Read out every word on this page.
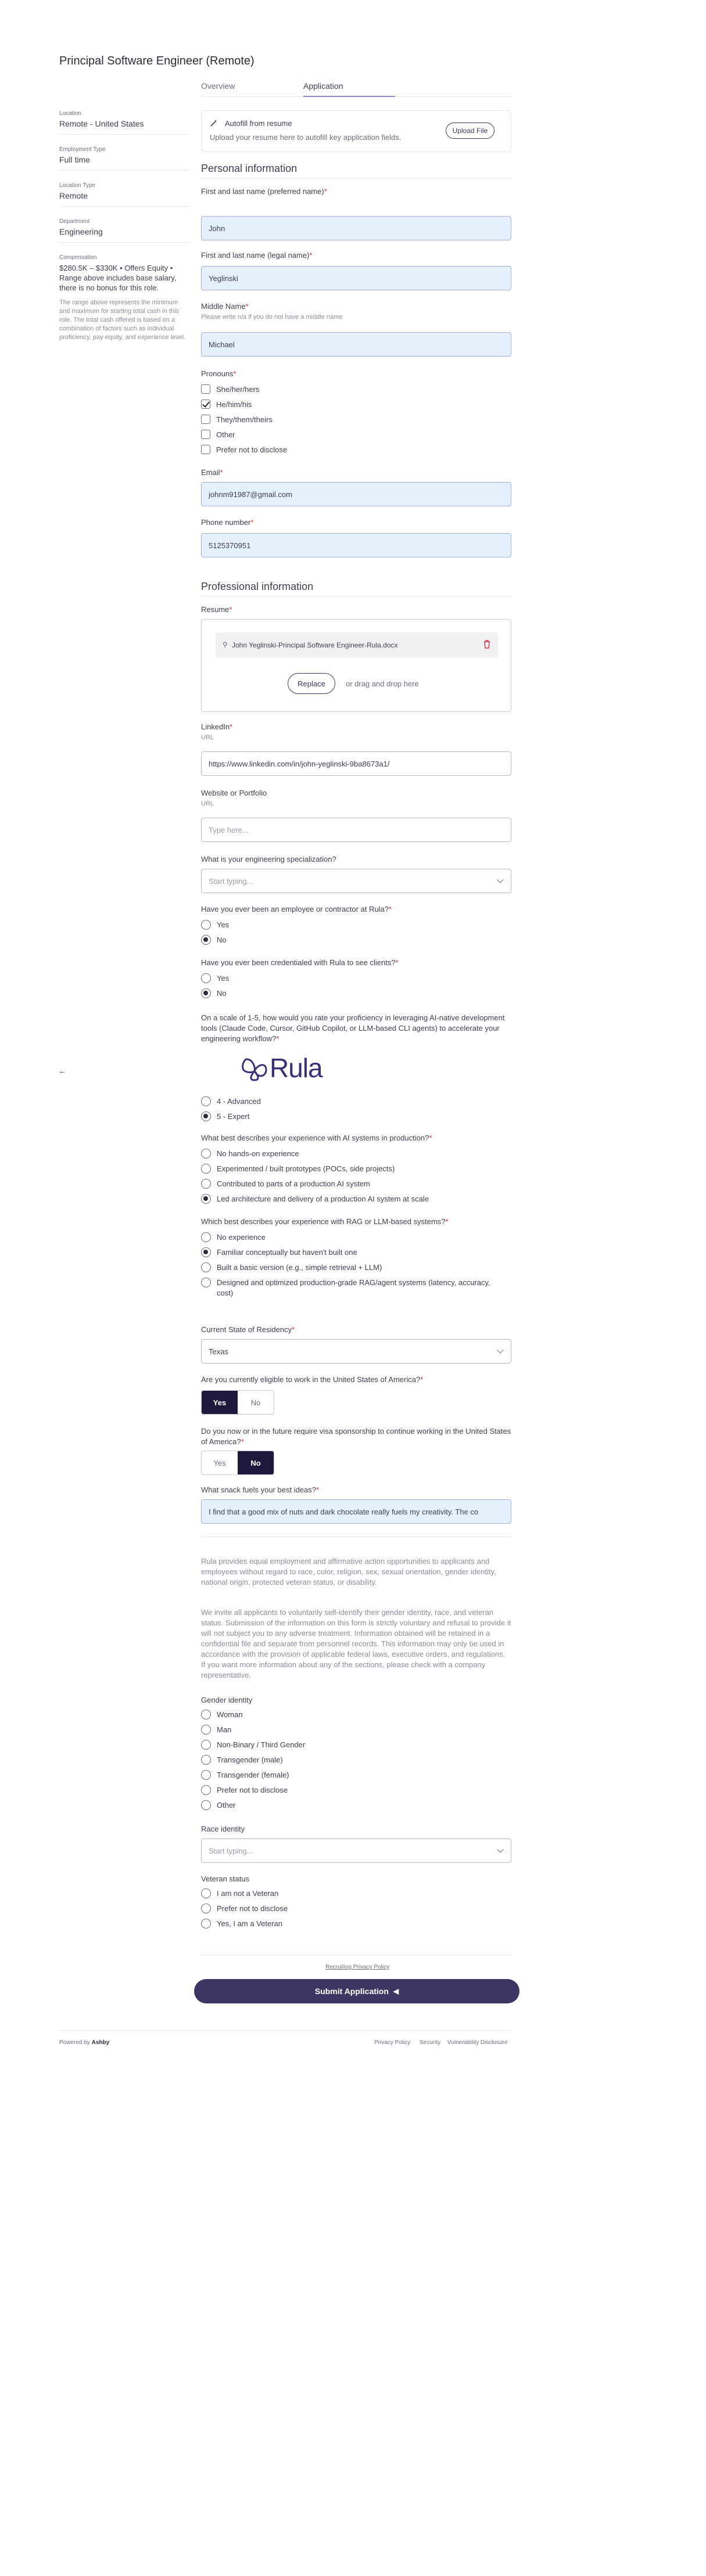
Principal Software Engineer (Remote)
Location
Remote - United States
Employment Type
Full time
Location Type
Remote
Department
Engineering
Compensation
$280.5K – $330K • Offers Equity • Range above includes base salary, there is no bonus for this role.
The range above represents the minimum and maximum for starting total cash in this role. The total cash offered is based on a combination of factors such as individual proficiency, pay equity, and experience level.
Overview	Application
Autofill from resume
Upload your resume here to autofill key application fields.
Upload File
Personal information
First and last name (preferred name)*
John
First and last name (legal name)*
Yeglinski
Middle Name*
Please write n/a if you do not have a middle name
Michael
Pronouns*
She/her/hers
He/him/his
They/them/theirs
Other
Prefer not to disclose
Email*
johnm91987@gmail.com
Phone number*
5125370951
Professional information
Resume*
⚲ John Yeglinski-Principal Software Engineer-Rula.docx
Replace	or drag and drop here
LinkedIn*
URL
https://www.linkedin.com/in/john-yeglinski-9ba8673a1/
Website or Portfolio
URL
Type here...
What is your engineering specialization?
Start typing...
Have you ever been an employee or contractor at Rula?*
Yes
No
Have you ever been credentialed with Rula to see clients?*
Yes
No
On a scale of 1-5, how would you rate your proficiency in leveraging AI-native development tools (Claude Code, Cursor, GitHub Copilot, or LLM-based CLI agents) to accelerate your engineering workflow?*
←	Rula
4 - Advanced
5 - Expert
What best describes your experience with AI systems in production?*
No hands-on experience
Experimented / built prototypes (POCs, side projects)
Contributed to parts of a production AI system
Led architecture and delivery of a production AI system at scale
Which best describes your experience with RAG or LLM-based systems?*
No experience
Familiar conceptually but haven't built one
Built a basic version (e.g., simple retrieval + LLM)
Designed and optimized production-grade RAG/agent systems (latency, accuracy, cost)
Current State of Residency*
Texas
Are you currently eligible to work in the United States of America?*
Yes	No
Do you now or in the future require visa sponsorship to continue working in the United States of America?*
Yes	No
What snack fuels your best ideas?*
I find that a good mix of nuts and dark chocolate really fuels my creativity. The co
Rula provides equal employment and affirmative action opportunities to applicants and employees without regard to race, color, religion, sex, sexual orientation, gender identity, national origin, protected veteran status, or disability.
We invite all applicants to voluntarily self-identify their gender identity, race, and veteran status. Submission of the information on this form is strictly voluntary and refusal to provide it will not subject you to any adverse treatment. Information obtained will be retained in a confidential file and separate from personnel records. This information may only be used in accordance with the provision of applicable federal laws, executive orders, and regulations. If you want more information about any of the sections, please check with a company representative.
Gender identity
Woman
Man
Non-Binary / Third Gender
Transgender (male)
Transgender (female)
Prefer not to disclose
Other
Race identity
Start typing...
Veteran status
I am not a Veteran
Prefer not to disclose
Yes, I am a Veteran
Recruiting Privacy Policy
Submit Application ◀
Powered by Ashby	Privacy Policy Security Vulnerability Disclosure
